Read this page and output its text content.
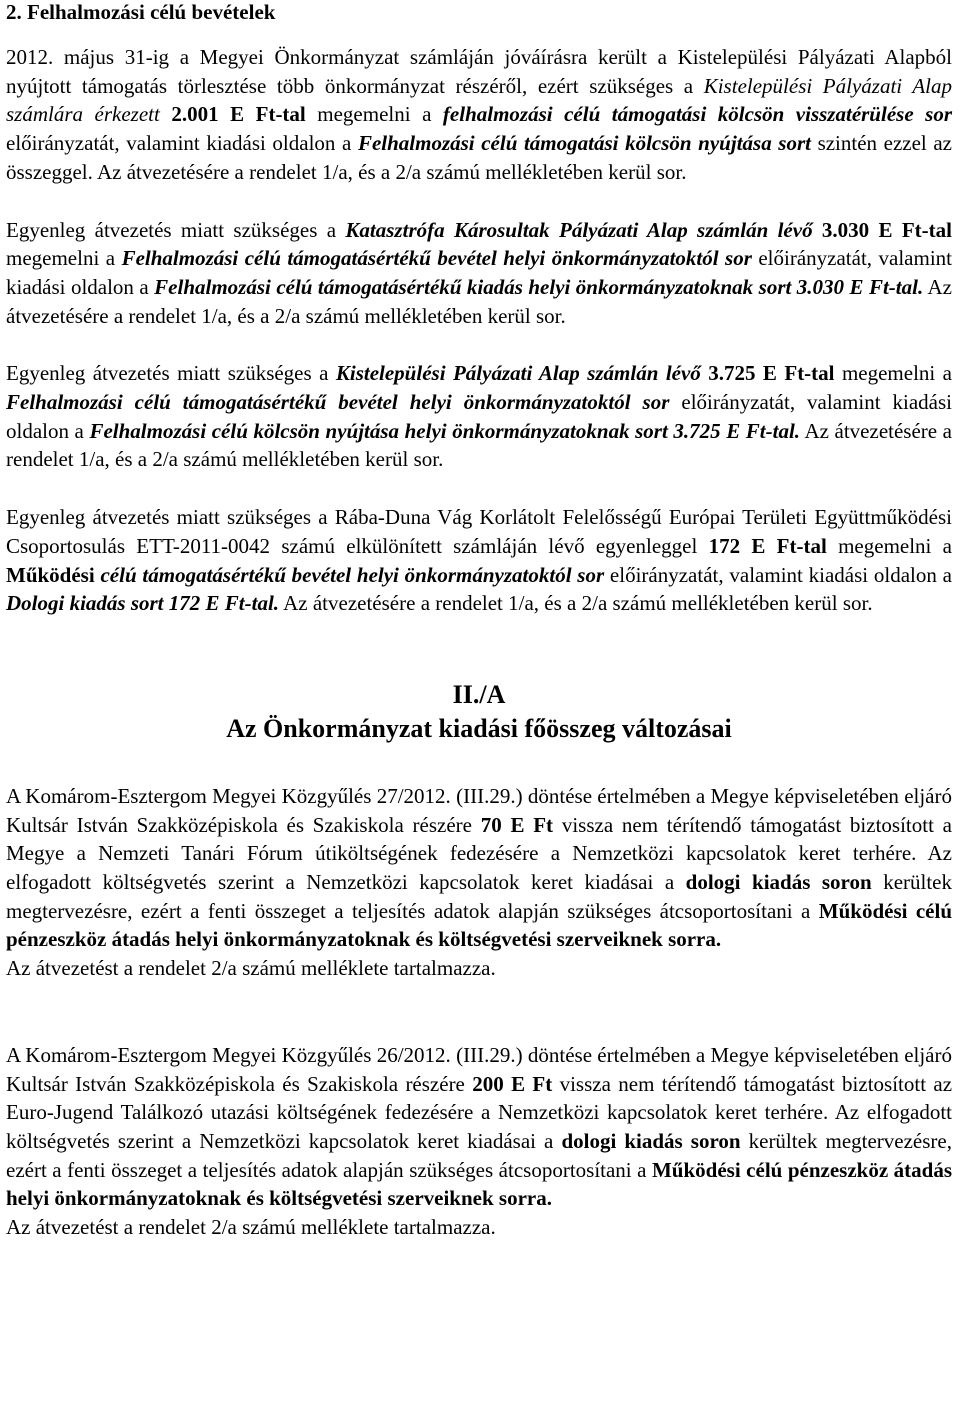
2. Felhalmozási célú bevételek

2012. május 31-ig a Megyei Önkormányzat számláján jóváírásra került a Kistelepülési Pályázati Alapból nyújtott támogatás törlesztése több önkormányzat részéről, ezért szükséges a Kistelepülési Pályázati Alap számlára érkezett 2.001 E Ft-tal megemelni a felhalmozási célú támogatási kölcsön visszatérülése sor előirányzatát, valamint kiadási oldalon a Felhalmozási célú támogatási kölcsön nyújtása sort szintén ezzel az összeggel. Az átvezetésére a rendelet 1/a, és a 2/a számú mellékletében kerül sor.

Egyenleg átvezetés miatt szükséges a Katasztrófa Károsultak Pályázati Alap számlán lévő 3.030 E Ft-tal megemelni a Felhalmozási célú támogatásértékű bevétel helyi önkormányzatoktól sor előirányzatát, valamint kiadási oldalon a Felhalmozási célú támogatásértékű kiadás helyi önkormányzatoknak sort 3.030 E Ft-tal. Az átvezetésére a rendelet 1/a, és a 2/a számú mellékletében kerül sor.

Egyenleg átvezetés miatt szükséges a Kistelepülési Pályázati Alap számlán lévő 3.725 E Ft-tal megemelni a Felhalmozási célú támogatásértékű bevétel helyi önkormányzatoktól sor előirányzatát, valamint kiadási oldalon a Felhalmozási célú kölcsön nyújtása helyi önkormányzatoknak sort 3.725 E Ft-tal. Az átvezetésére a rendelet 1/a, és a 2/a számú mellékletében kerül sor.

Egyenleg átvezetés miatt szükséges a Rába-Duna Vág Korlátolt Felelősségű Európai Területi Együttműködési Csoportosulás ETT-2011-0042 számú elkülönített számláján lévő egyenleggel 172 E Ft-tal megemelni a Működési célú támogatásértékű bevétel helyi önkormányzatoktól sor előirányzatát, valamint kiadási oldalon a Dologi kiadás sort 172 E Ft-tal. Az átvezetésére a rendelet 1/a, és a 2/a számú mellékletében kerül sor.

II./A
Az Önkormányzat kiadási főösszeg változásai

A Komárom-Esztergom Megyei Közgyűlés 27/2012. (III.29.) döntése értelmében a Megye képviseletében eljáró Kultsár István Szakközépiskola és Szakiskola részére 70 E Ft vissza nem térítendő támogatást biztosított a Megye a Nemzeti Tanári Fórum útiköltségének fedezésére a Nemzetközi kapcsolatok keret terhére. Az elfogadott költségvetés szerint a Nemzetközi kapcsolatok keret kiadásai a dologi kiadás soron kerültek megtervezésre, ezért a fenti összeget a teljesítés adatok alapján szükséges átcsoportosítani a Működési célú pénzeszköz átadás helyi önkormányzatoknak és költségvetési szerveiknek sorra.
Az átvezetést a rendelet 2/a számú melléklete tartalmazza.

A Komárom-Esztergom Megyei Közgyűlés 26/2012. (III.29.) döntése értelmében a Megye képviseletében eljáró Kultsár István Szakközépiskola és Szakiskola részére 200 E Ft vissza nem térítendő támogatást biztosított az Euro-Jugend Találkozó utazási költségének fedezésére a Nemzetközi kapcsolatok keret terhére. Az elfogadott költségvetés szerint a Nemzetközi kapcsolatok keret kiadásai a dologi kiadás soron kerültek megtervezésre, ezért a fenti összeget a teljesítés adatok alapján szükséges átcsoportosítani a Működési célú pénzeszköz átadás helyi önkormányzatoknak és költségvetési szerveiknek sorra.
Az átvezetést a rendelet 2/a számú melléklete tartalmazza.
